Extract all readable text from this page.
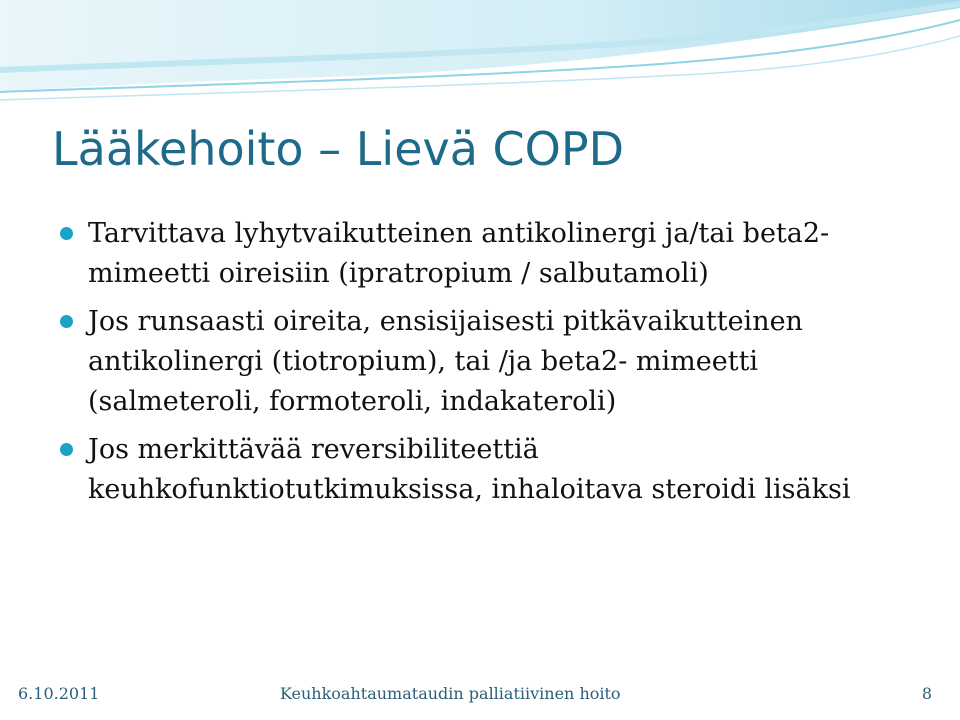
Lääkehoito – Lievä COPD
Tarvittava lyhytvaikutteinen antikolinergi ja/tai beta2-mimeetti oireisiin (ipratropium / salbutamoli)
Jos runsaasti oireita, ensisijaisesti pitkävaikutteinen antikolinergi (tiotropium), tai /ja beta2- mimeetti (salmeteroli, formoteroli, indakateroli)
Jos merkittävää reversibiliteettiä keuhkofunktiotutkimuksissa, inhaloitava steroidi lisäksi
6.10.2011	Keuhkoahtaumataudin palliatiivinen hoito	8
